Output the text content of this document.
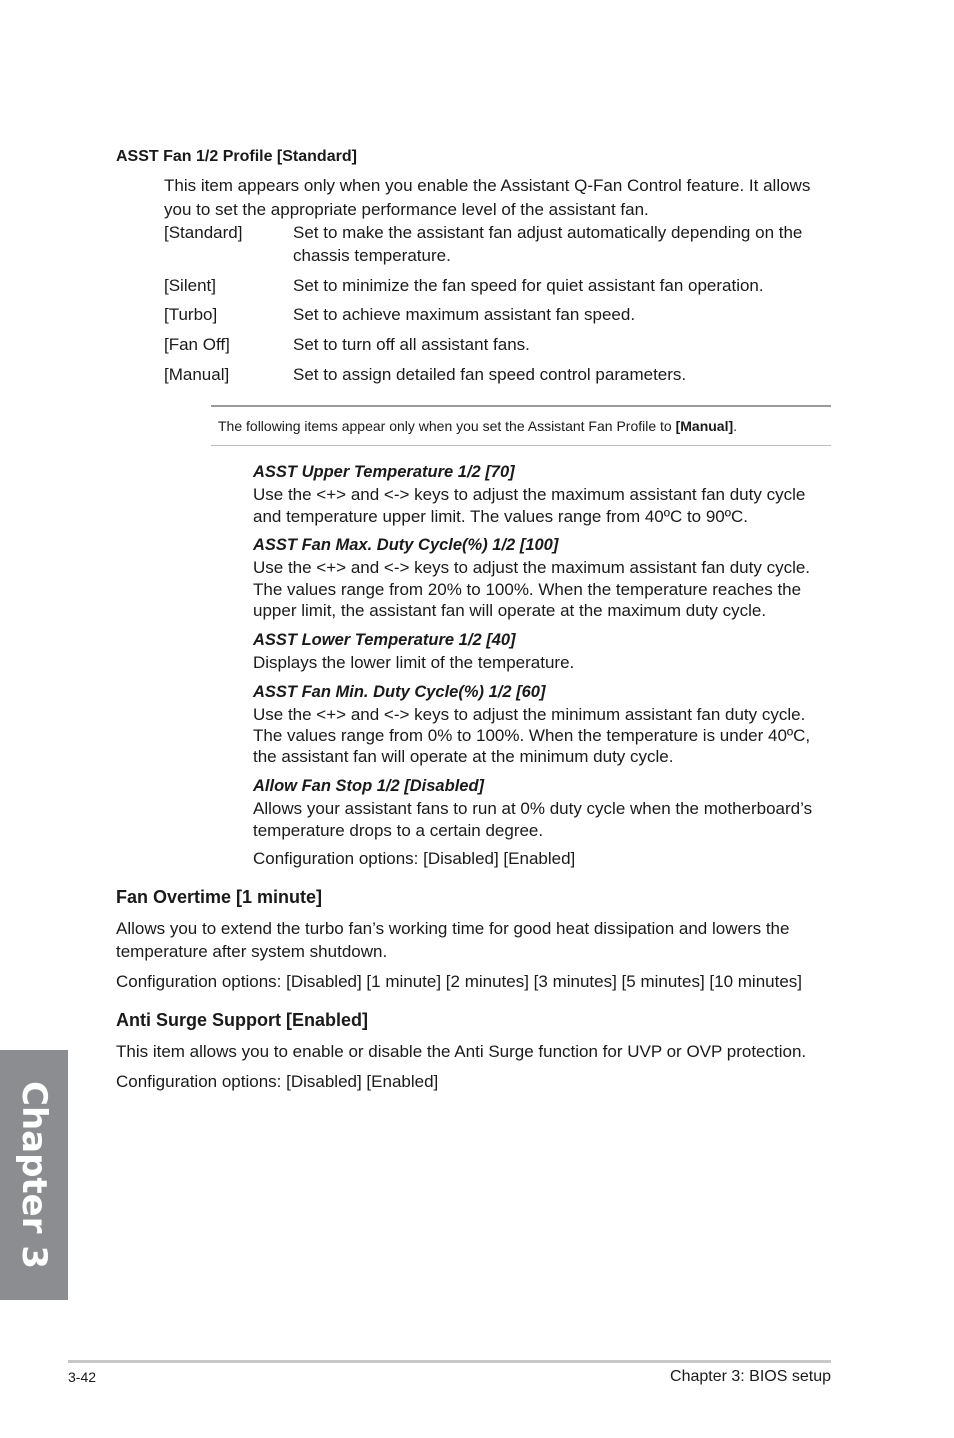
ASST Fan 1/2 Profile [Standard]
This item appears only when you enable the Assistant Q-Fan Control feature. It allows
you to set the appropriate performance level of the assistant fan.
[Standard]	Set to make the assistant fan adjust automatically depending on the
chassis temperature.
[Silent]	Set to minimize the fan speed for quiet assistant fan operation.
[Turbo]	Set to achieve maximum assistant fan speed.
[Fan Off]	Set to turn off all assistant fans.
[Manual]	Set to assign detailed fan speed control parameters.
The following items appear only when you set the Assistant Fan Profile to [Manual].
ASST Upper Temperature 1/2 [70]
Use the <+> and <-> keys to adjust the maximum assistant fan duty cycle
and temperature upper limit. The values range from 40ºC to 90ºC.
ASST Fan Max. Duty Cycle(%) 1/2 [100]
Use the <+> and <-> keys to adjust the maximum assistant fan duty cycle.
The values range from 20% to 100%. When the temperature reaches the
upper limit, the assistant fan will operate at the maximum duty cycle.
ASST Lower Temperature 1/2 [40]
Displays the lower limit of the temperature.
ASST Fan Min. Duty Cycle(%) 1/2 [60]
Use the <+> and <-> keys to adjust the minimum assistant fan duty cycle.
The values range from 0% to 100%. When the temperature is under 40ºC,
the assistant fan will operate at the minimum duty cycle.
Allow Fan Stop 1/2 [Disabled]
Allows your assistant fans to run at 0% duty cycle when the motherboard’s
temperature drops to a certain degree.
Configuration options: [Disabled] [Enabled]
Fan Overtime [1 minute]
Allows you to extend the turbo fan’s working time for good heat dissipation and lowers the
temperature after system shutdown.
Configuration options: [Disabled] [1 minute] [2 minutes] [3 minutes] [5 minutes] [10 minutes]
Anti Surge Support [Enabled]
This item allows you to enable or disable the Anti Surge function for UVP or OVP protection.
Configuration options: [Disabled] [Enabled]
Chapter 3
3-42	Chapter 3: BIOS setup
